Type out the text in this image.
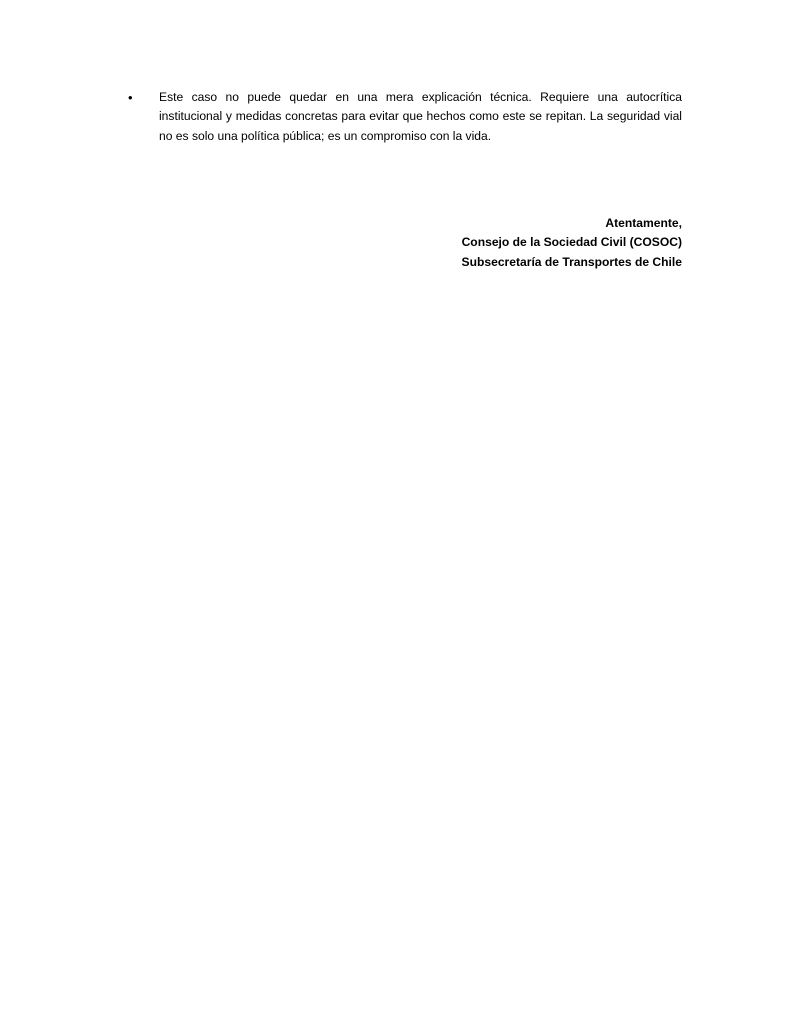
• Este caso no puede quedar en una mera explicación técnica. Requiere una autocrítica institucional y medidas concretas para evitar que hechos como este se repitan. La seguridad vial no es solo una política pública; es un compromiso con la vida.
Atentamente,
Consejo de la Sociedad Civil (COSOC)
Subsecretaría de Transportes de Chile
